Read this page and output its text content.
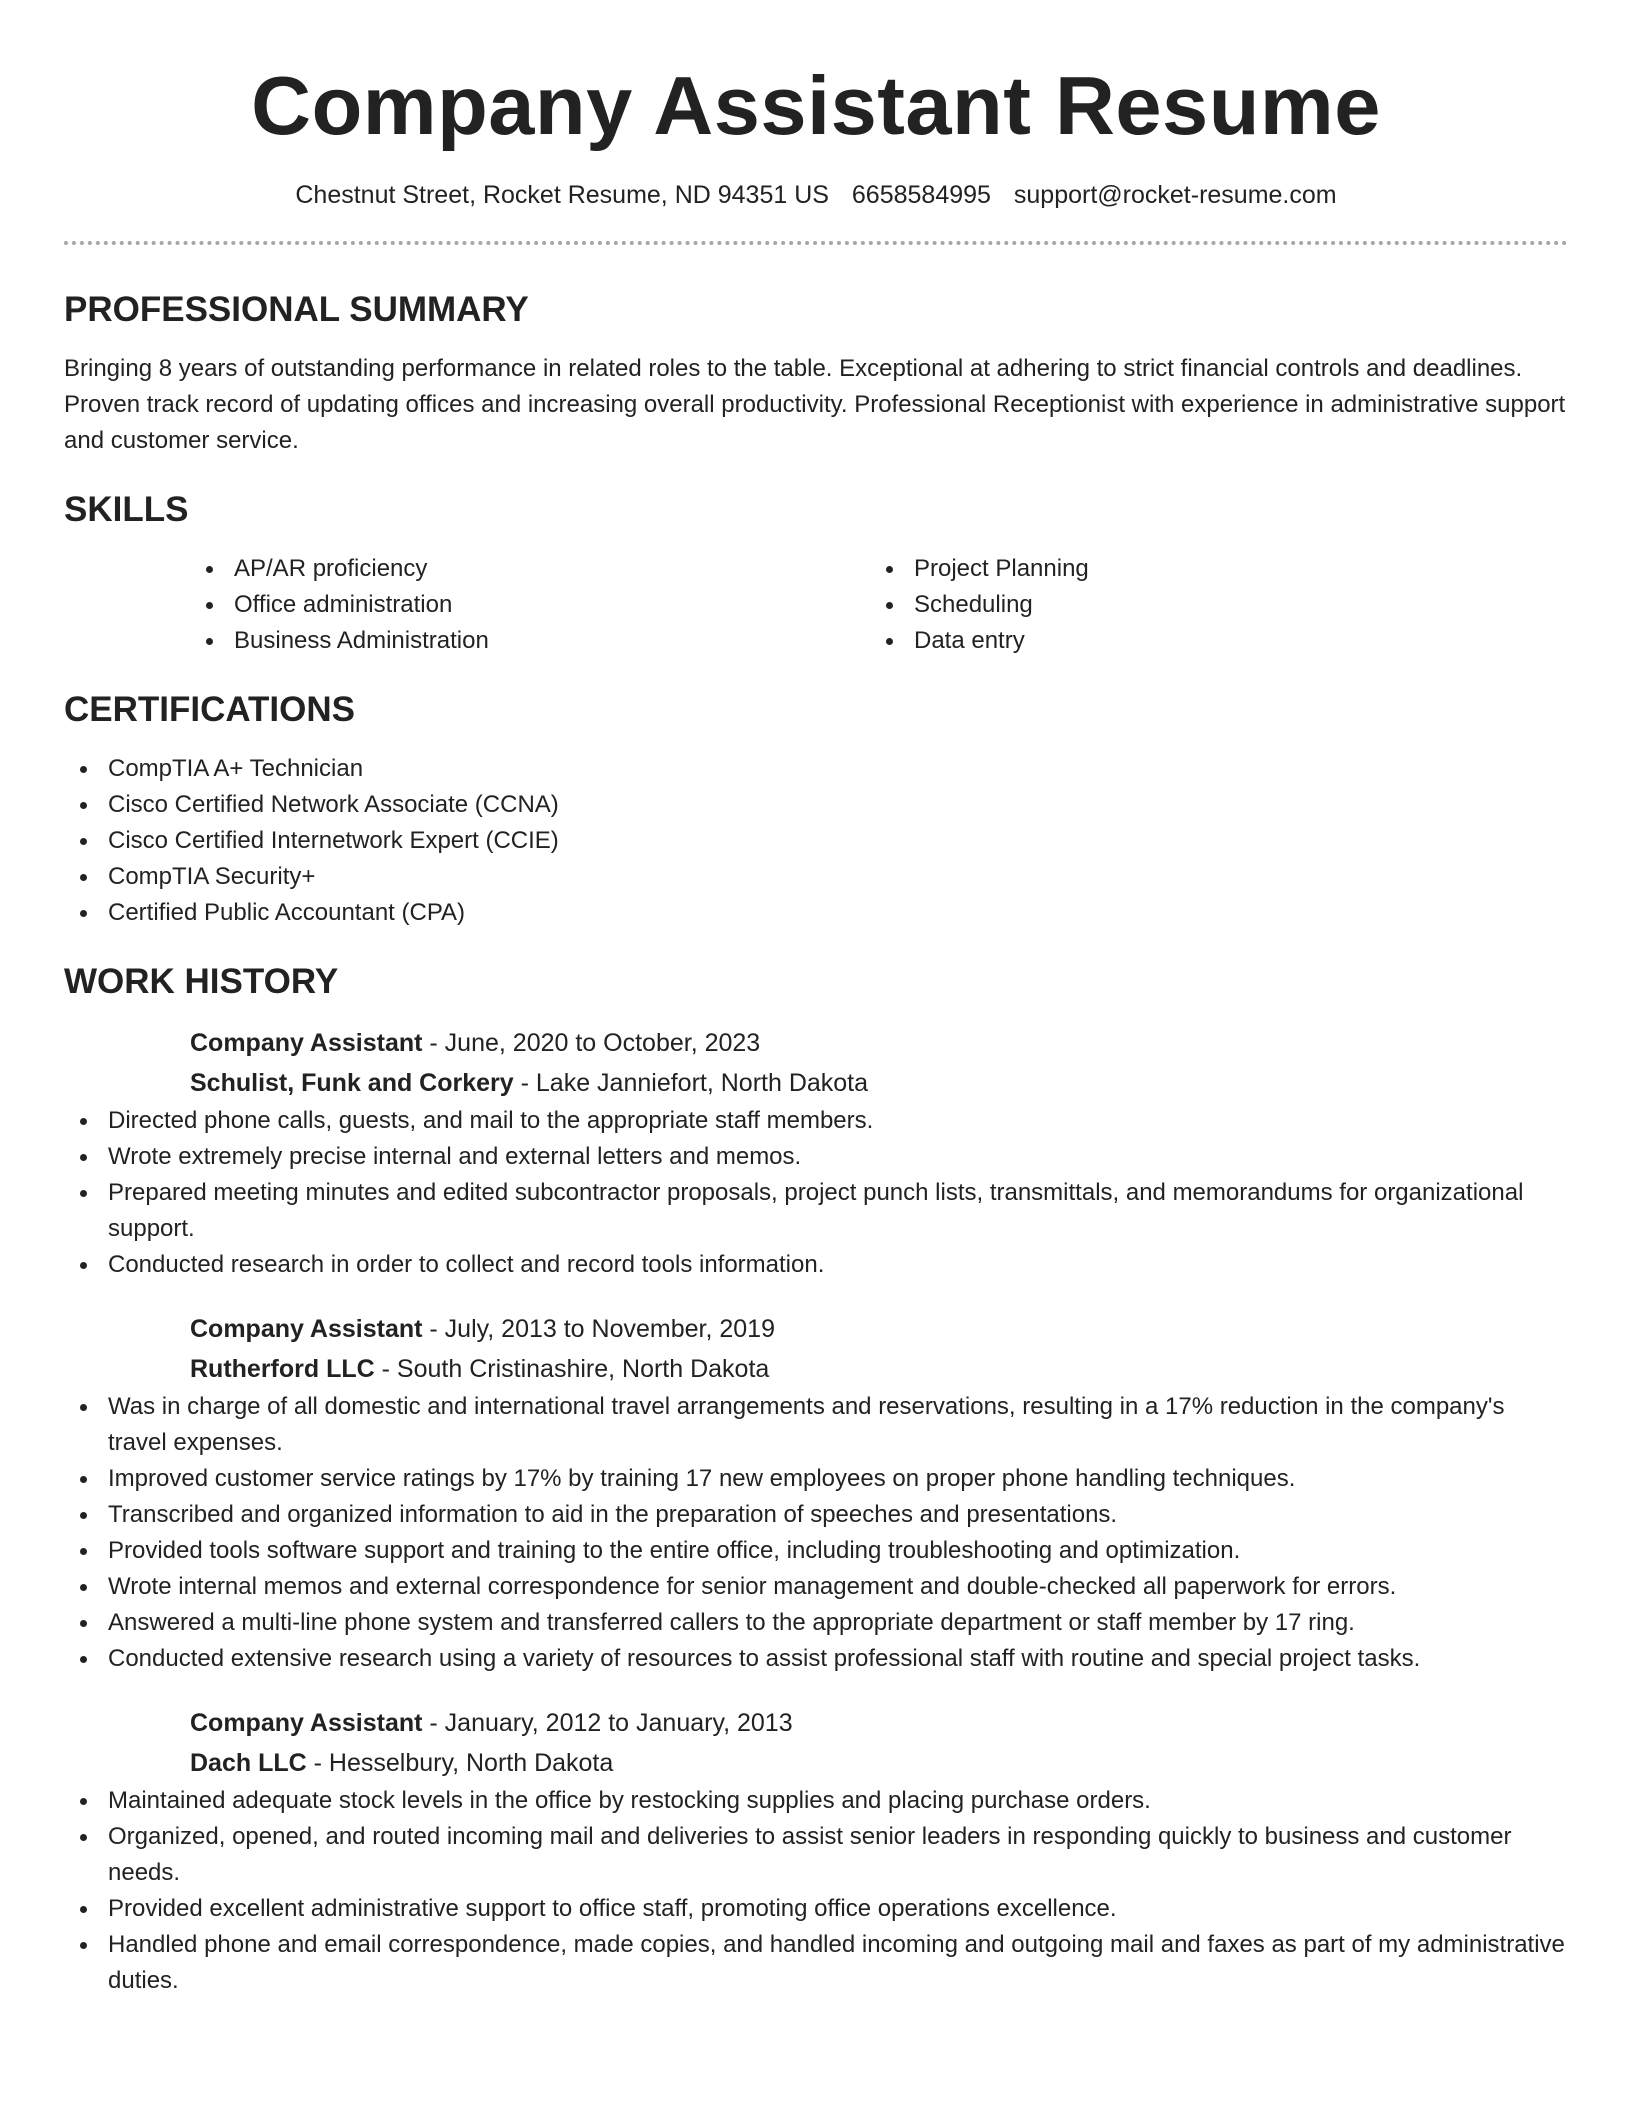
Company Assistant Resume
Chestnut Street, Rocket Resume, ND 94351 US 6658584995 support@rocket-resume.com
PROFESSIONAL SUMMARY

Bringing 8 years of outstanding performance in related roles to the table. Exceptional at adhering to strict financial controls and deadlines. Proven track record of updating offices and increasing overall productivity. Professional Receptionist with experience in administrative support and customer service.

SKILLS
AP/AR proficiency
Office administration
Business Administration
Project Planning
Scheduling
Data entry
CERTIFICATIONS
CompTIA A+ Technician
Cisco Certified Network Associate (CCNA)
Cisco Certified Internetwork Expert (CCIE)
CompTIA Security+
Certified Public Accountant (CPA)
WORK HISTORY

Company Assistant - June, 2020 to October, 2023

Schulist, Funk and Corkery - Lake Janniefort, North Dakota

Directed phone calls, guests, and mail to the appropriate staff members.
Wrote extremely precise internal and external letters and memos.
Prepared meeting minutes and edited subcontractor proposals, project punch lists, transmittals, and memorandums for organizational support.
Conducted research in order to collect and record tools information.

Company Assistant - July, 2013 to November, 2019

Rutherford LLC - South Cristinashire, North Dakota

Was in charge of all domestic and international travel arrangements and reservations, resulting in a 17% reduction in the company's travel expenses.
Improved customer service ratings by 17% by training 17 new employees on proper phone handling techniques.
Transcribed and organized information to aid in the preparation of speeches and presentations.
Provided tools software support and training to the entire office, including troubleshooting and optimization.
Wrote internal memos and external correspondence for senior management and double-checked all paperwork for errors.
Answered a multi-line phone system and transferred callers to the appropriate department or staff member by 17 ring.
Conducted extensive research using a variety of resources to assist professional staff with routine and special project tasks.

Company Assistant - January, 2012 to January, 2013

Dach LLC - Hesselbury, North Dakota

Maintained adequate stock levels in the office by restocking supplies and placing purchase orders.
Organized, opened, and routed incoming mail and deliveries to assist senior leaders in responding quickly to business and customer needs.
Provided excellent administrative support to office staff, promoting office operations excellence.
Handled phone and email correspondence, made copies, and handled incoming and outgoing mail and faxes as part of my administrative duties.
